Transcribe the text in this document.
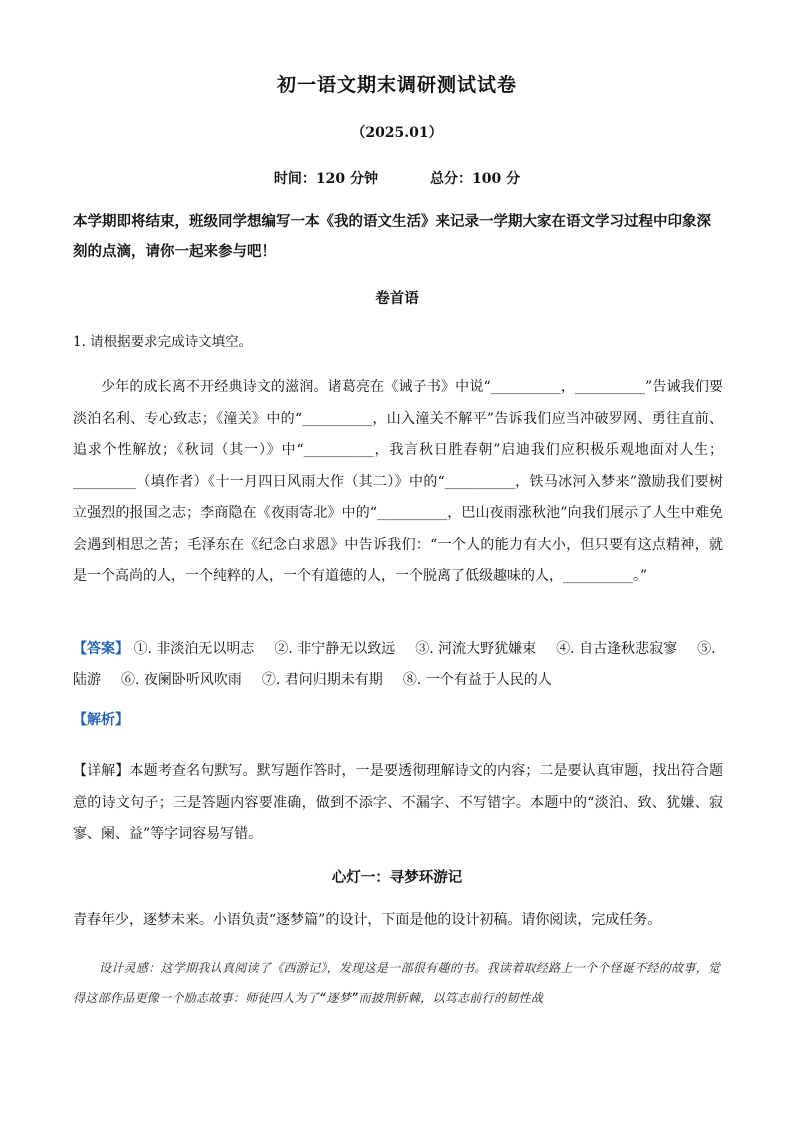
初一语文期末调研测试试卷
（2025.01）
时间：120 分钟	总分：100 分
本学期即将结束，班级同学想编写一本《我的语文生活》来记录一学期大家在语文学习过程中印象深刻的点滴，请你一起来参与吧！
卷首语
1. 请根据要求完成诗文填空。
少年的成长离不开经典诗文的滋润。诸葛亮在《诫子书》中说“__________，__________”告诫我们要淡泊名利、专心致志；《潼关》中的“__________，山入潼关不解平”告诉我们应当冲破罗网、勇往直前、追求个性解放；《秋词（其一）》中“__________，我言秋日胜春朝”启迪我们应积极乐观地面对人生；_________（填作者）《十一月四日风雨大作（其二）》中的“__________，铁马冰河入梦来”激励我们要树立强烈的报国之志；李商隐在《夜雨寄北》中的“__________，巴山夜雨涨秋池”向我们展示了人生中难免会遇到相思之苦；毛泽东在《纪念白求恩》中告诉我们：“一个人的能力有大小，但只要有这点精神，就是一个高尚的人，一个纯粹的人，一个有道德的人，一个脱离了低级趣味的人，__________。”
【答案】 ①. 非淡泊无以明志 ②. 非宁静无以致远 ③. 河流大野犹嫌束 ④. 自古逢秋悲寂寥 ⑤. 陆游 ⑥. 夜阑卧听风吹雨 ⑦. 君问归期未有期 ⑧. 一个有益于人民的人
【解析】
【详解】本题考查名句默写。默写题作答时，一是要透彻理解诗文的内容；二是要认真审题，找出符合题意的诗文句子；三是答题内容要准确，做到不添字、不漏字、不写错字。本题中的“淡泊、致、犹嫌、寂寥、阑、益”等字词容易写错。
心灯一：寻梦环游记
青春年少，逐梦未来。小语负责“逐梦篇”的设计，下面是他的设计初稿。请你阅读，完成任务。
设计灵感：这学期我认真阅读了《西游记》，发现这是一部很有趣的书。我读着取经路上一个个怪诞不经的故事，觉得这部作品更像一个励志故事：师徒四人为了“逐梦”而披荆斩棘，以笃志前行的韧性战
